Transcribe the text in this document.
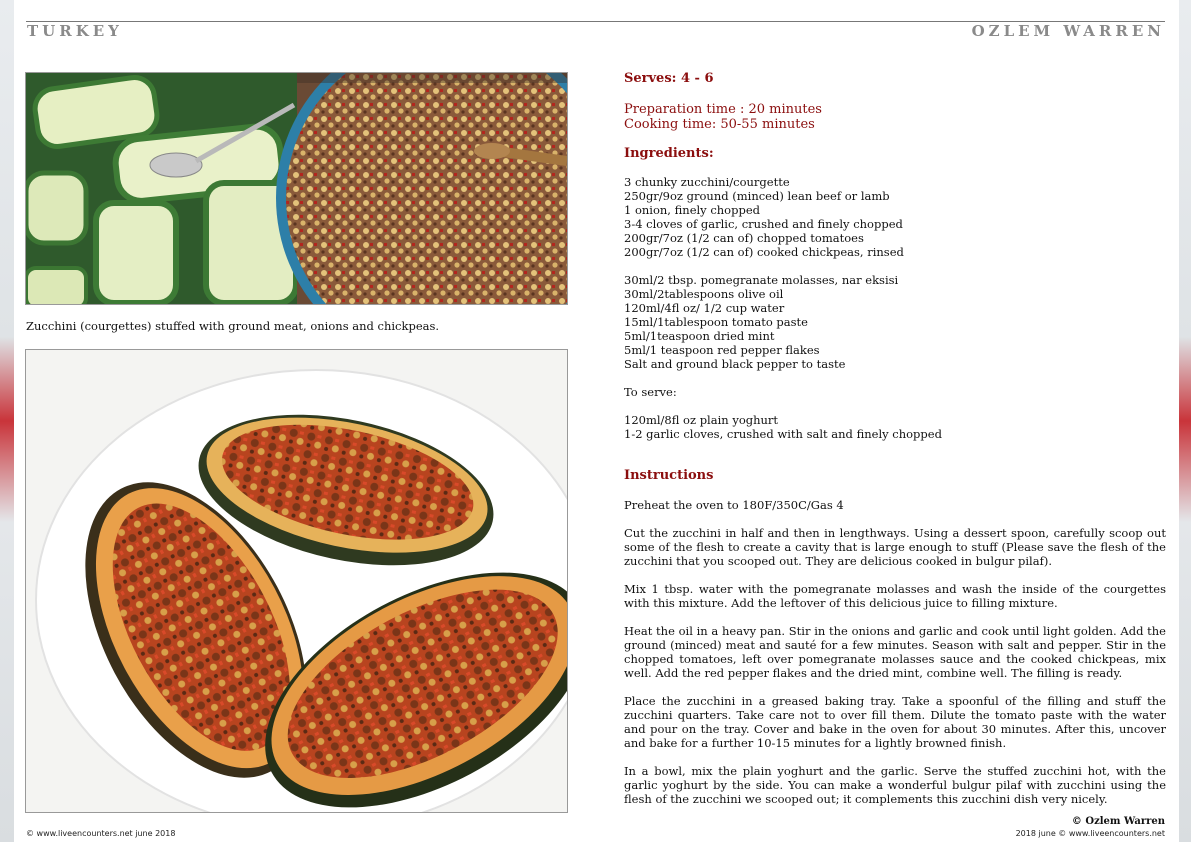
TURKEY	OZLEM WARREN
Zucchini (courgettes) stuffed with ground meat, onions and chickpeas.

Serves: 4 - 6

Preparation time : 20 minutes
Cooking time: 50-55 minutes

Ingredients:

3 chunky zucchini/courgette
250gr/9oz ground (minced) lean beef or lamb
1 onion, finely chopped
3-4 cloves of garlic, crushed and finely chopped
200gr/7oz (1/2 can of) chopped tomatoes
200gr/7oz (1/2 can of) cooked chickpeas, rinsed
30ml/2 tbsp. pomegranate molasses, nar eksisi
30ml/2tablespoons olive oil
120ml/4fl oz/ 1/2 cup water
15ml/1tablespoon tomato paste
5ml/1teaspoon dried mint
5ml/1 teaspoon red pepper flakes
Salt and ground black pepper to taste
To serve:
120ml/8fl oz plain yoghurt
1-2 garlic cloves, crushed with salt and finely chopped

Instructions

Preheat the oven to 180F/350C/Gas 4

Cut the zucchini in half and then in lengthways. Using a dessert spoon, carefully scoop out some of the flesh to create a cavity that is large enough to stuff (Please save the flesh of the zucchini that you scooped out. They are delicious cooked in bulgur pilaf).

Mix 1 tbsp. water with the pomegranate molasses and wash the inside of the courgettes with this mixture. Add the leftover of this delicious juice to filling mixture.

Heat the oil in a heavy pan. Stir in the onions and garlic and cook until light golden. Add the ground (minced) meat and sauté for a few minutes. Season with salt and pepper. Stir in the chopped tomatoes, left over pomegranate molasses sauce and the cooked chickpeas, mix well. Add the red pepper flakes and the dried mint, combine well. The filling is ready.

Place the zucchini in a greased baking tray. Take a spoonful of the filling and stuff the zucchini quarters. Take care not to over fill them. Dilute the tomato paste with the water and pour on the tray. Cover and bake in the oven for about 30 minutes. After this, uncover and bake for a further 10-15 minutes for a lightly browned finish.

In a bowl, mix the plain yoghurt and the garlic. Serve the stuffed zucchini hot, with the garlic yoghurt by the side. You can make a wonderful bulgur pilaf with zucchini using the flesh of the zucchini we scooped out; it complements this zucchini dish very nicely.

© www.liveencounters.net june 2018
© Ozlem Warren
2018 june © www.liveencounters.net
